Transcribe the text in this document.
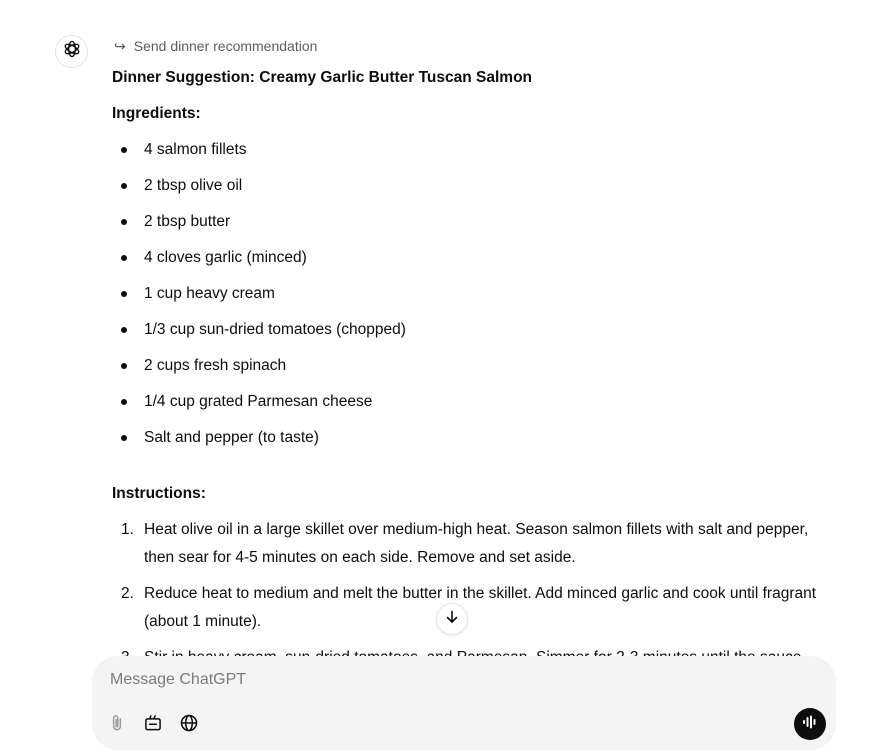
↪ Send dinner recommendation
Dinner Suggestion: Creamy Garlic Butter Tuscan Salmon
Ingredients:
4 salmon fillets
2 tbsp olive oil
2 tbsp butter
4 cloves garlic (minced)
1 cup heavy cream
1/3 cup sun-dried tomatoes (chopped)
2 cups fresh spinach
1/4 cup grated Parmesan cheese
Salt and pepper (to taste)
Instructions:
1. Heat olive oil in a large skillet over medium-high heat. Season salmon fillets with salt and pepper, then sear for 4-5 minutes on each side. Remove and set aside.
2. Reduce heat to medium and melt the butter in the skillet. Add minced garlic and cook until fragrant (about 1 minute).
Message ChatGPT
